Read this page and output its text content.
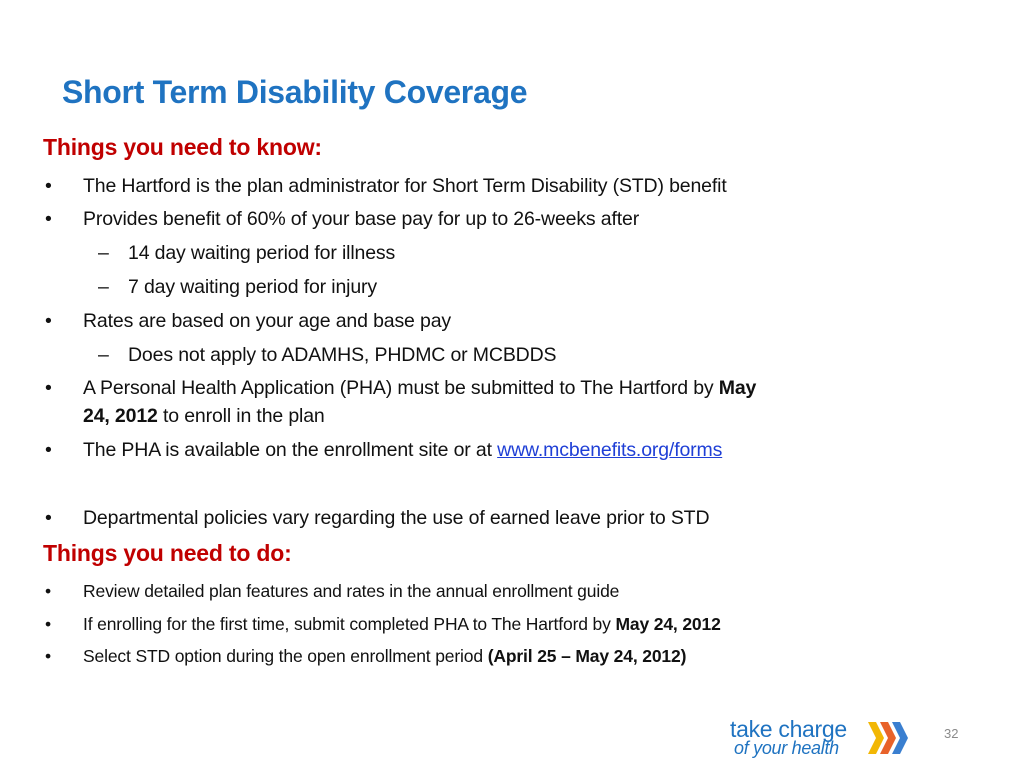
Short Term Disability Coverage
Things you need to know:
• The Hartford is the plan administrator for Short Term Disability (STD) benefit
• Provides benefit of 60% of your base pay for up to 26-weeks after
– 14 day waiting period for illness
– 7 day waiting period for injury
• Rates are based on your age and base pay
– Does not apply to ADAMHS, PHDMC or MCBDDS
• A Personal Health Application (PHA) must be submitted to The Hartford by May
24, 2012 to enroll in the plan
• The PHA is available on the enrollment site or at www.mcbenefits.org/forms
• Departmental policies vary regarding the use of earned leave prior to STD
Things you need to do:
• Review detailed plan features and rates in the annual enrollment guide
• If enrolling for the first time, submit completed PHA to The Hartford by May 24, 2012
• Select STD option during the open enrollment period (April 25 – May 24, 2012)
take charge
of your health
32
